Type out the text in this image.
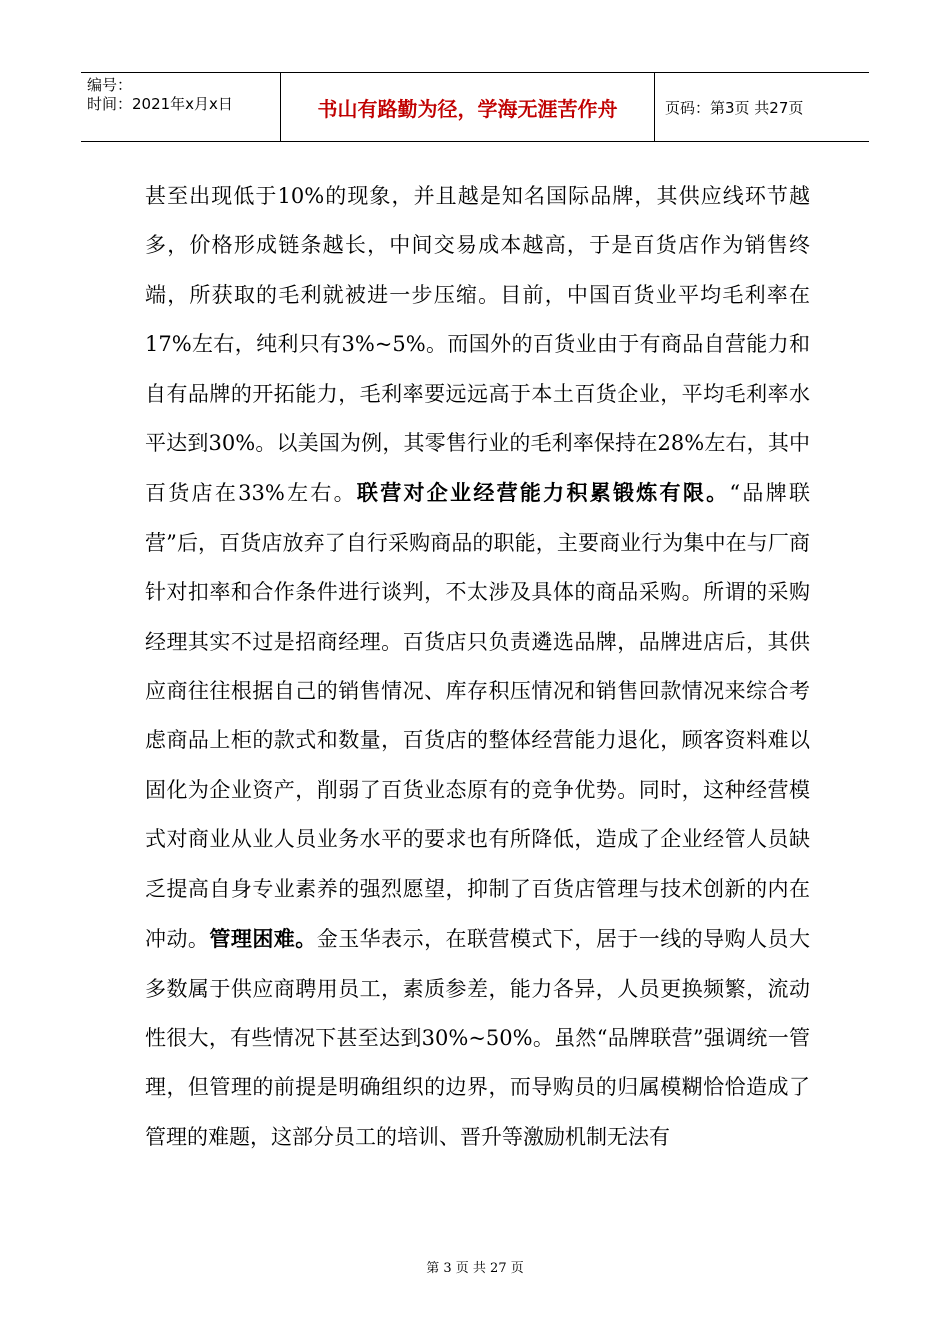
编号：
时间：2021年x月x日	书山有路勤为径，学海无涯苦作舟	页码：第3页 共27页

甚至出现低于10%的现象，并且越是知名国际品牌，其供应线环节越多，价格形成链条越长，中间交易成本越高，于是百货店作为销售终端，所获取的毛利就被进一步压缩。目前，中国百货业平均毛利率在17%左右，纯利只有3%~5%。而国外的百货业由于有商品自营能力和自有品牌的开拓能力，毛利率要远远高于本土百货企业，平均毛利率水平达到30%。以美国为例，其零售行业的毛利率保持在28%左右，其中百货店在33%左右。联营对企业经营能力积累锻炼有限。“品牌联营”后，百货店放弃了自行采购商品的职能，主要商业行为集中在与厂商针对扣率和合作条件进行谈判，不太涉及具体的商品采购。所谓的采购经理其实不过是招商经理。百货店只负责遴选品牌，品牌进店后，其供应商往往根据自己的销售情况、库存积压情况和销售回款情况来综合考虑商品上柜的款式和数量，百货店的整体经营能力退化，顾客资料难以固化为企业资产，削弱了百货业态原有的竞争优势。同时，这种经营模式对商业从业人员业务水平的要求也有所降低，造成了企业经管人员缺乏提高自身专业素养的强烈愿望，抑制了百货店管理与技术创新的内在冲动。管理困难。金玉华表示，在联营模式下，居于一线的导购人员大多数属于供应商聘用员工，素质参差，能力各异，人员更换频繁，流动性很大，有些情况下甚至达到30%~50%。虽然“品牌联营”强调统一管理，但管理的前提是明确组织的边界，而导购员的归属模糊恰恰造成了管理的难题，这部分员工的培训、晋升等激励机制无法有

第 3 页 共 27 页
